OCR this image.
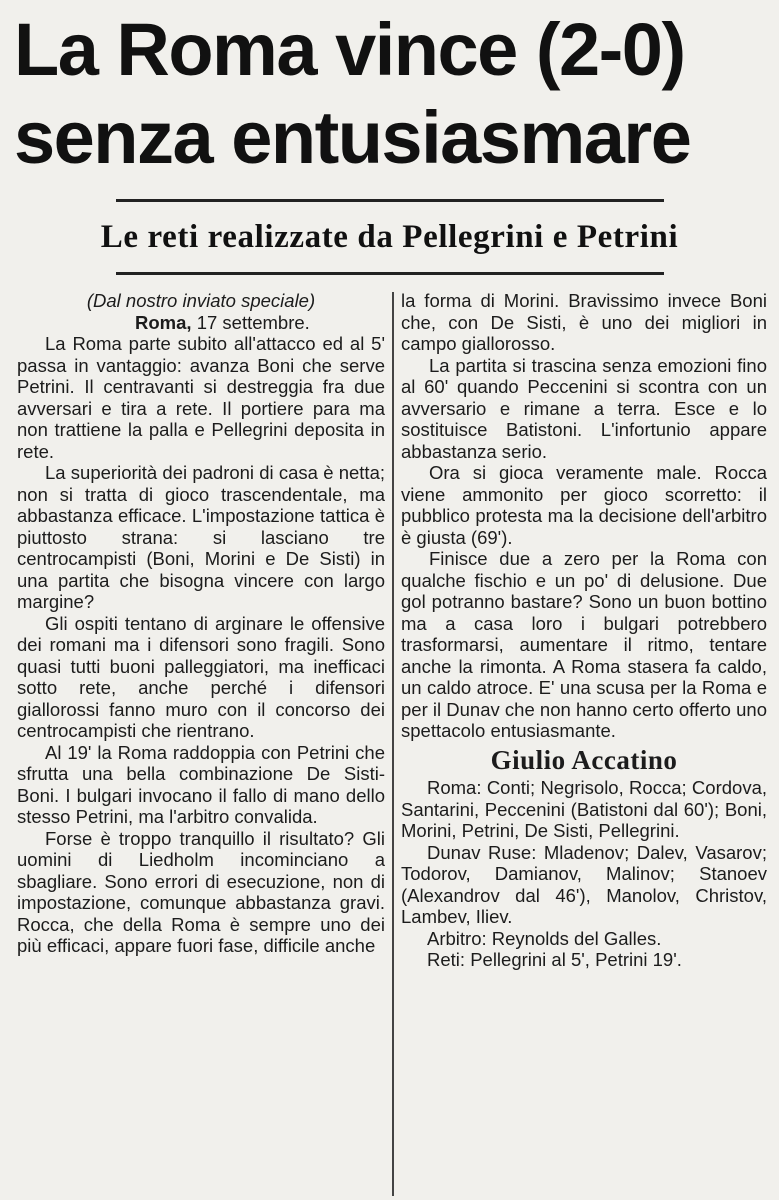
La Roma vince (2-0)
senza entusiasmare
Le reti realizzate da Pellegrini e Petrini

(Dal nostro inviato speciale)

Roma, 17 settembre.

La Roma parte subito all'attacco ed al 5' passa in vantaggio: avanza Boni che serve Petrini. Il centravanti si destreggia fra due avversari e tira a rete. Il portiere para ma non trattiene la palla e Pellegrini deposita in rete.

La superiorità dei padroni di casa è netta; non si tratta di gioco trascendentale, ma abbastanza efficace. L'impostazione tattica è piuttosto strana: si lasciano tre centrocampisti (Boni, Morini e De Sisti) in una partita che bisogna vincere con largo margine?

Gli ospiti tentano di arginare le offensive dei romani ma i difensori sono fragili. Sono quasi tutti buoni palleggiatori, ma inefficaci sotto rete, anche perché i difensori giallorossi fanno muro con il concorso dei centrocampisti che rientrano.

Al 19' la Roma raddoppia con Petrini che sfrutta una bella combinazione De Sisti-Boni. I bulgari invocano il fallo di mano dello stesso Petrini, ma l'arbitro convalida.

Forse è troppo tranquillo il risultato? Gli uomini di Liedholm incominciano a sbagliare. Sono errori di esecuzione, non di impostazione, comunque abbastanza gravi. Rocca, che della Roma è sempre uno dei più efficaci, appare fuori fase, difficile anche

la forma di Morini. Bravissimo invece Boni che, con De Sisti, è uno dei migliori in campo giallorosso.

La partita si trascina senza emozioni fino al 60' quando Peccenini si scontra con un avversario e rimane a terra. Esce e lo sostituisce Batistoni. L'infortunio appare abbastanza serio.

Ora si gioca veramente male. Rocca viene ammonito per gioco scorretto: il pubblico protesta ma la decisione dell'arbitro è giusta (69').

Finisce due a zero per la Roma con qualche fischio e un po' di delusione. Due gol potranno bastare? Sono un buon bottino ma a casa loro i bulgari potrebbero trasformarsi, aumentare il ritmo, tentare anche la rimonta. A Roma stasera fa caldo, un caldo atroce. E' una scusa per la Roma e per il Dunav che non hanno certo offerto uno spettacolo entusiasmante.

Giulio Accatino

Roma: Conti; Negrisolo, Rocca; Cordova, Santarini, Peccenini (Batistoni dal 60'); Boni, Morini, Petrini, De Sisti, Pellegrini.

Dunav Ruse: Mladenov; Dalev, Vasarov; Todorov, Damianov, Malinov; Stanoev (Alexandrov dal 46'), Manolov, Christov, Lambev, Iliev.

Arbitro: Reynolds del Galles.

Reti: Pellegrini al 5', Petrini 19'.
